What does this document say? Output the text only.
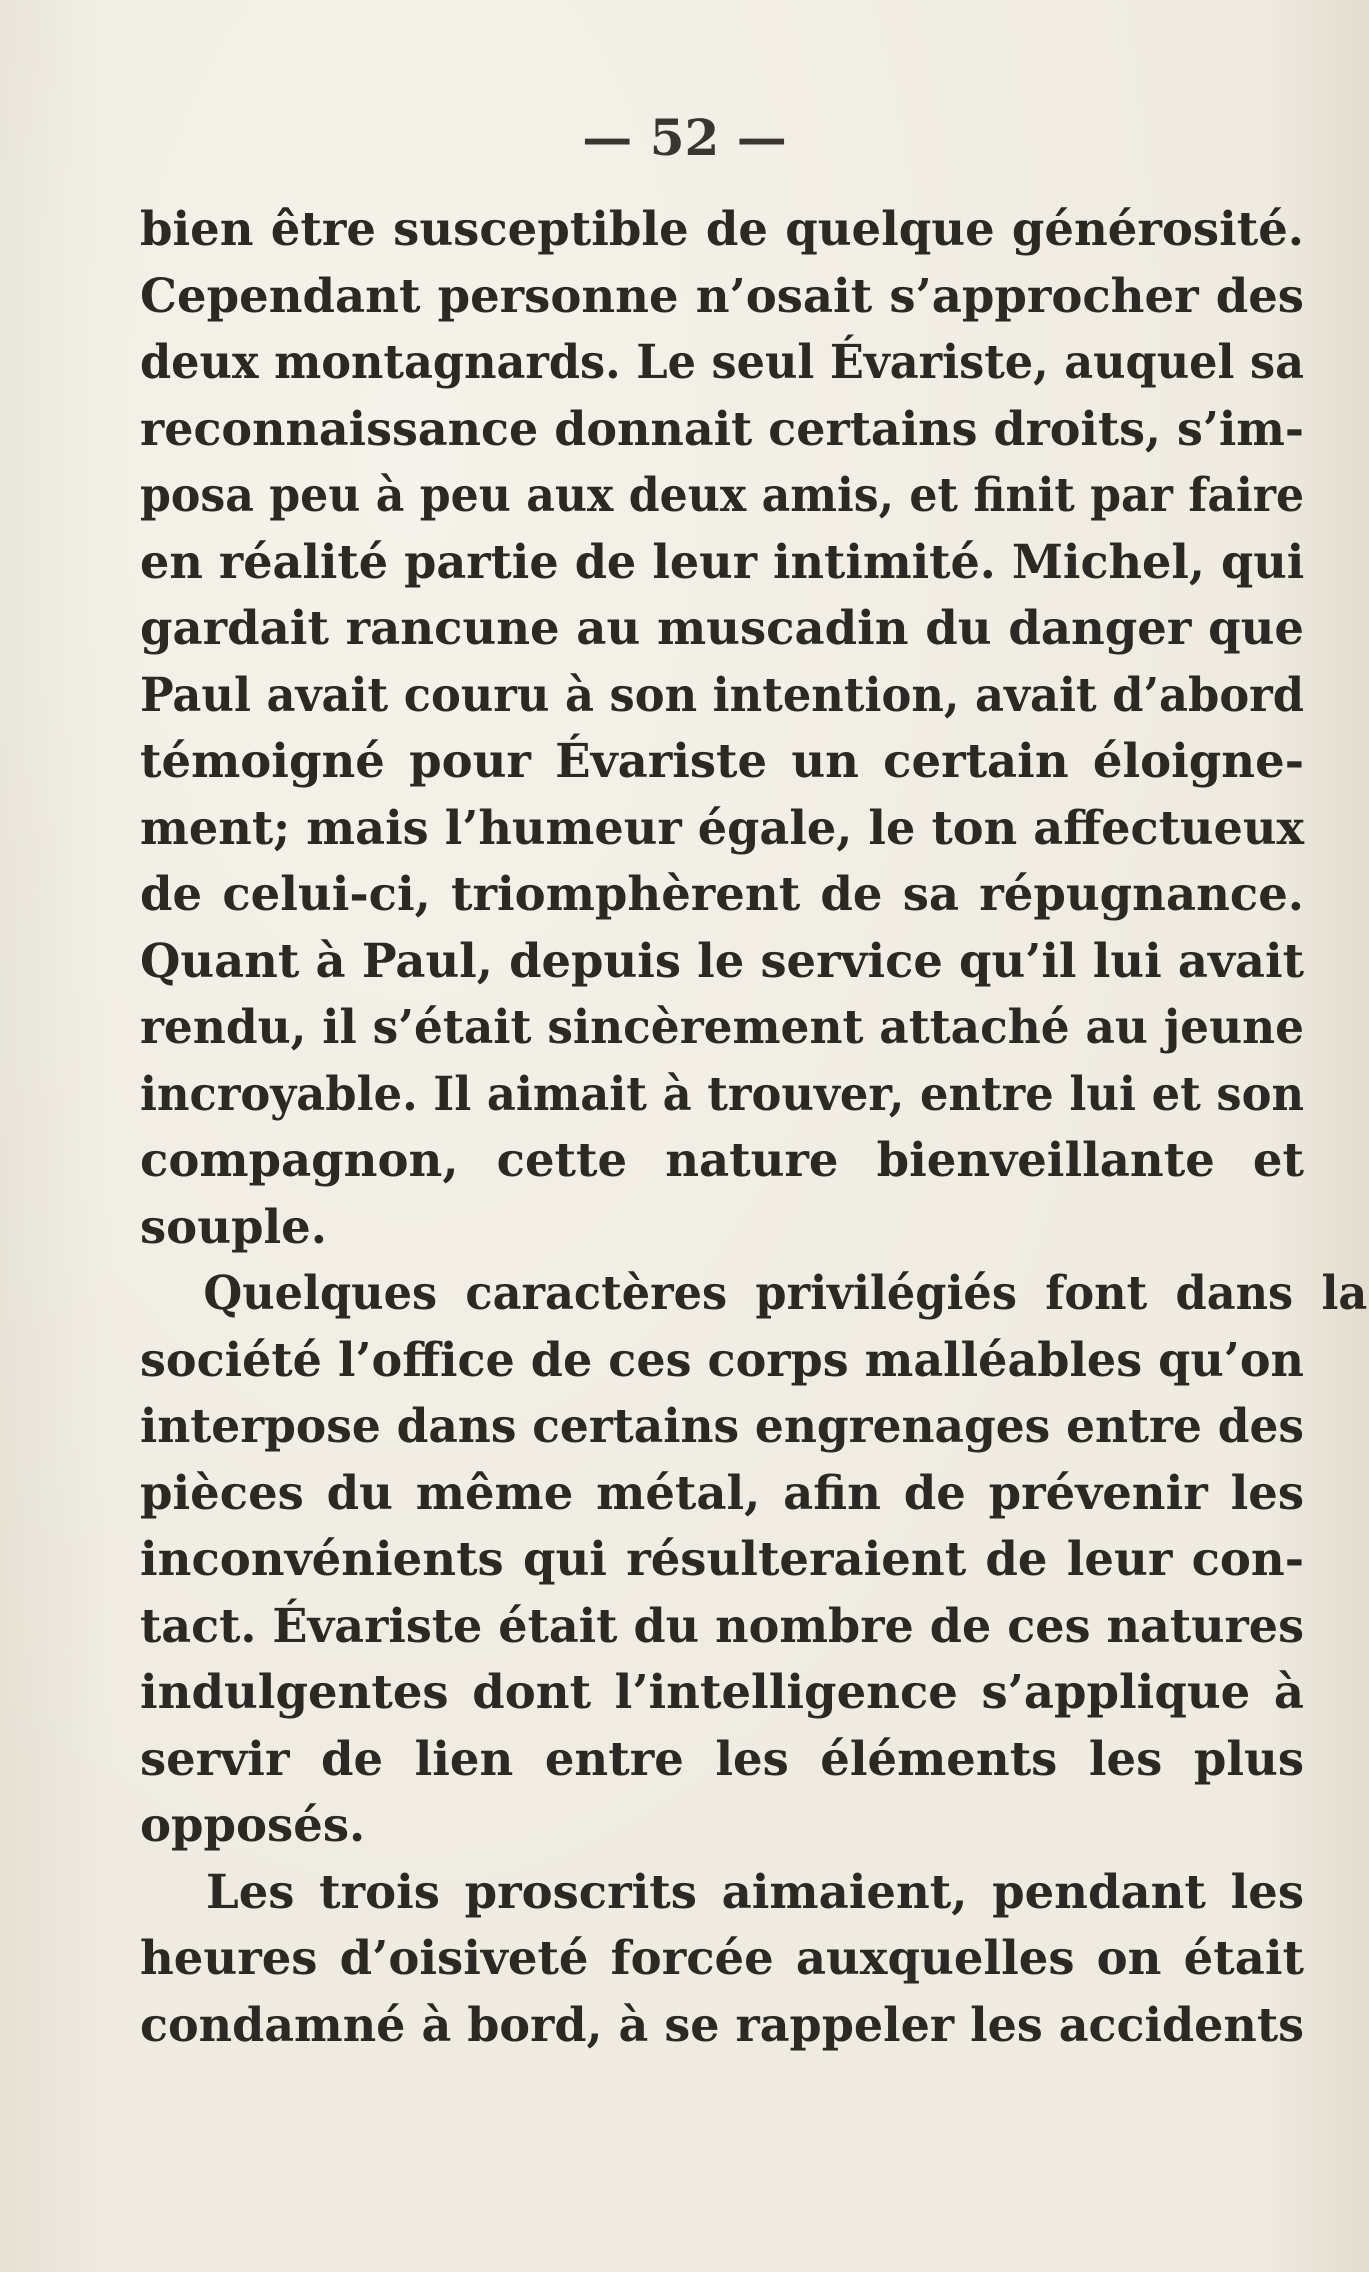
— 52 —
bien être susceptible de quelque générosité.
Cependant personne n’osait s’approcher des
deux montagnards. Le seul Évariste, auquel sa
reconnaissance donnait certains droits, s’im-
posa peu à peu aux deux amis, et finit par faire
en réalité partie de leur intimité. Michel, qui
gardait rancune au muscadin du danger que
Paul avait couru à son intention, avait d’abord
témoigné pour Évariste un certain éloigne-
ment; mais l’humeur égale, le ton affectueux
de celui-ci, triomphèrent de sa répugnance.
Quant à Paul, depuis le service qu’il lui avait
rendu, il s’était sincèrement attaché au jeune
incroyable. Il aimait à trouver, entre lui et son
compagnon, cette nature bienveillante et
souple.
Quelques caractères privilégiés font dans la
société l’office de ces corps malléables qu’on
interpose dans certains engrenages entre des
pièces du même métal, afin de prévenir les
inconvénients qui résulteraient de leur con-
tact. Évariste était du nombre de ces natures
indulgentes dont l’intelligence s’applique à
servir de lien entre les éléments les plus
opposés.
Les trois proscrits aimaient, pendant les
heures d’oisiveté forcée auxquelles on était
condamné à bord, à se rappeler les accidents
